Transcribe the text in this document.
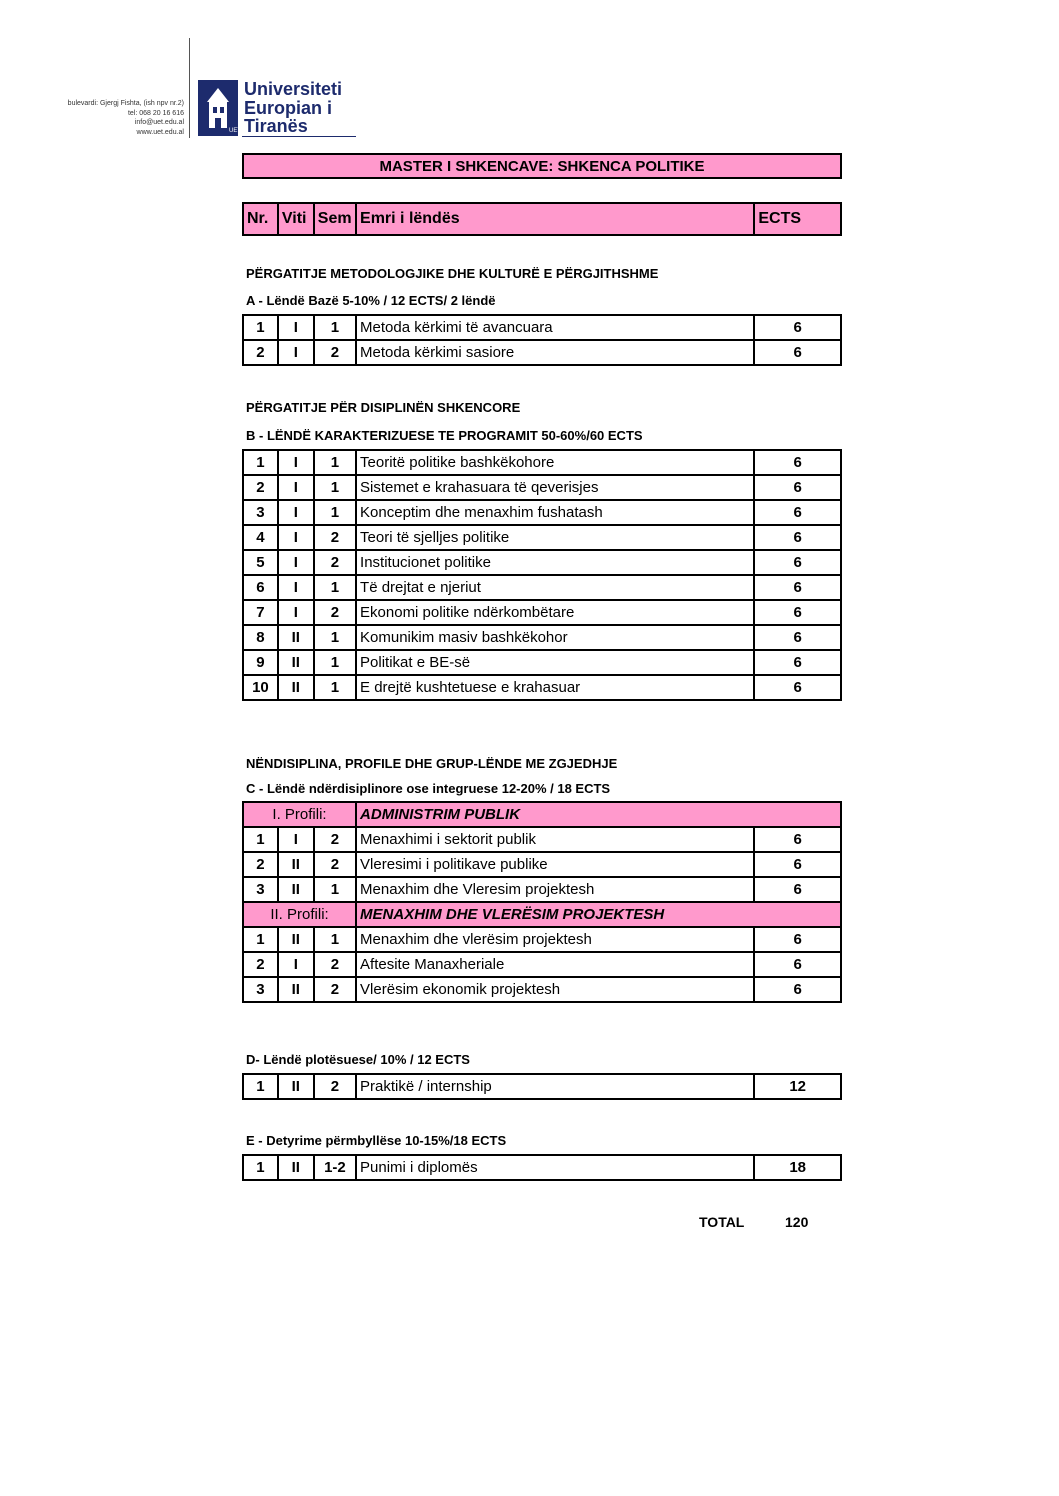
bulevardi: Gjergj Fishta, (ish npv nr.2)
tel: 068 20 16 616
info@uet.edu.al
www.uet.edu.al	UET
Universiteti
Europian i
Tiranës
MASTER I SHKENCAVE: SHKENCA POLITIKE
Nr.	Viti	Sem	Emri i lëndës	ECTS
PËRGATITJE METODOLOGJIKE DHE KULTURË E PËRGJITHSHME
A - Lëndë Bazë 5-10% / 12 ECTS/ 2 lëndë
1	I	1	Metoda kërkimi të avancuara	6
2	I	2	Metoda kërkimi sasiore	6
PËRGATITJE PËR DISIPLINËN SHKENCORE
B - LËNDË KARAKTERIZUESE TE PROGRAMIT 50-60%/60 ECTS
1	I	1	Teoritë politike bashkëkohore	6
2	I	1	Sistemet e krahasuara të qeverisjes	6
3	I	1	Konceptim dhe menaxhim fushatash	6
4	I	2	Teori të sjelljes politike	6
5	I	2	Institucionet politike	6
6	I	1	Të drejtat e njeriut	6
7	I	2	Ekonomi politike ndërkombëtare	6
8	II	1	Komunikim masiv bashkëkohor	6
9	II	1	Politikat e BE-së	6
10	II	1	E drejtë kushtetuese e krahasuar	6
NËNDISIPLINA, PROFILE DHE GRUP-LËNDE ME ZGJEDHJE
C - Lëndë ndërdisiplinore ose integruese 12-20% / 18 ECTS
I. Profili:			ADMINISTRIM PUBLIK	
1	I	2	Menaxhimi i sektorit publik	6
2	II	2	Vleresimi i politikave publike	6
3	II	1	Menaxhim dhe Vleresim projektesh	6
II. Profili:			MENAXHIM DHE VLERËSIM PROJEKTESH	
1	II	1	Menaxhim dhe vlerësim projektesh	6
2	I	2	Aftesite Manaxheriale	6
3	II	2	Vlerësim ekonomik projektesh	6
D- Lëndë plotësuese/ 10% / 12 ECTS
1	II	2	Praktikë / internship	12
E - Detyrime përmbyllëse 10-15%/18 ECTS
1	II	1-2	Punimi i diplomës	18
TOTAL	120
